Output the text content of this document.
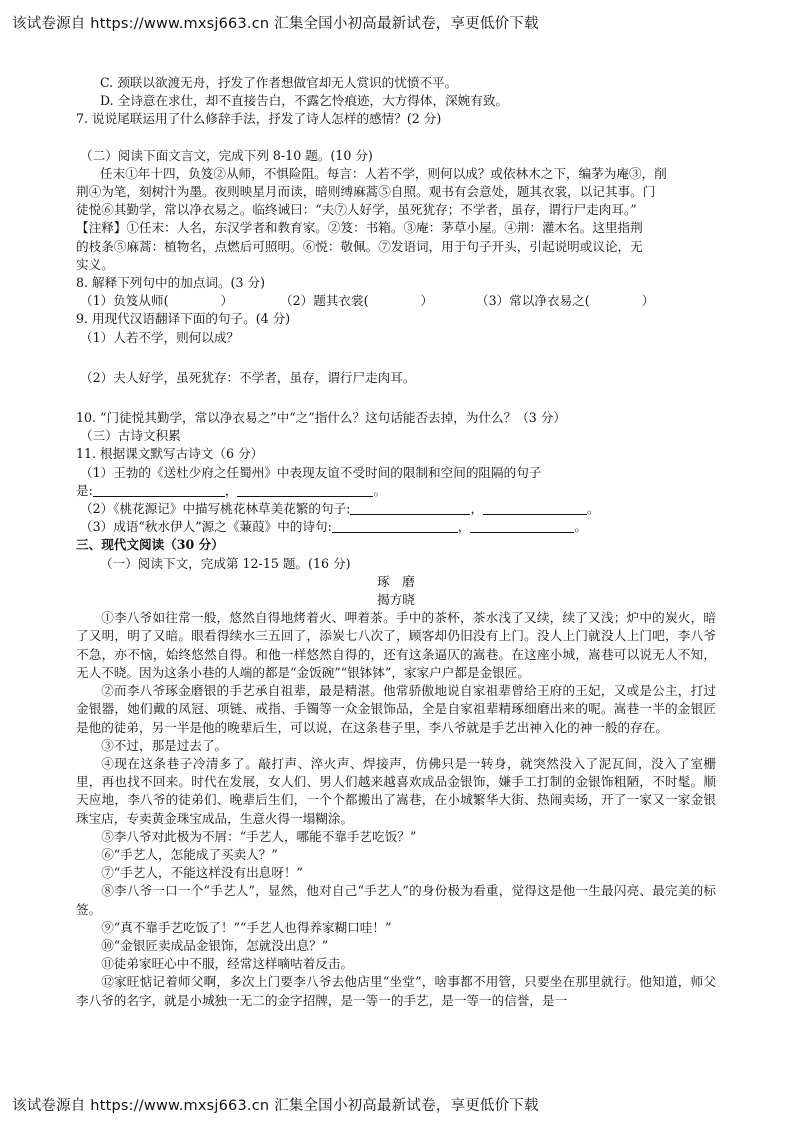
该试卷源自 https://www.mxsj663.cn 汇集全国小初高最新试卷，享更低价下载
C. 颈联以欲渡无舟，抒发了作者想做官却无人赏识的忧愤不平。
D. 全诗意在求仕，却不直接告白，不露乞怜痕迹，大方得体，深婉有致。
7. 说说尾联运用了什么修辞手法，抒发了诗人怎样的感情？(2 分)
（二）阅读下面文言文，完成下列 8-10 题。(10 分)
任末①年十四，负笈②从师，不惧险阻。每言：人若不学，则何以成？或依林木之下，编茅为庵③，削
荆④为笔，刻树汁为墨。夜则映星月而读，暗则缚麻蒿⑤自照。观书有会意处，题其衣裳，以记其事。门
徒悦⑥其勤学，常以净衣易之。临终诫曰：“夫⑦人好学，虽死犹存；不学者，虽存，谓行尸走肉耳。”
【注释】①任末：人名，东汉学者和教育家。②笈：书箱。③庵：茅草小屋。④荆：灌木名。这里指荆
的枝条⑤麻蒿：植物名，点燃后可照明。⑥悦：敬佩。⑦发语词，用于句子开头，引起说明或议论，无
实义。
8. 解释下列句中的加点词。(3 分)
（1）负笈从师(	）	（2）题其衣裳(	）	（3）常以净衣易之(	）
9. 用现代汉语翻译下面的句子。(4 分)
（1）人若不学，则何以成？
（2）夫人好学，虽死犹存：不学者，虽存，谓行尸走肉耳。
10. “门徒悦其勤学，常以净衣易之”中“之”指什么？这句话能否去掉，为什么？（3 分）
（三）古诗文积累
11. 根据课文默写古诗文（6 分）
（1）王勃的《送杜少府之任蜀州》中表现友谊不受时间的限制和空间的阻隔的句子
是:	，	。
（2）《桃花源记》中描写桃花林草美花繁的句子:	，	。
（3）成语“秋水伊人”源之《蒹葭》中的诗句:	，	。
三、现代文阅读（30 分）
（一）阅读下文，完成第 12-15 题。(16 分)
琢　磨
揭方晓
①李八爷如往常一般，悠然自得地烤着火、呷着茶。手中的茶杯，茶水浅了又续，续了又浅；炉中的炭火，暗了又明，明了又暗。眼看得续水三五回了，添炭七八次了，顾客却仍旧没有上门。没人上门就没人上门吧，李八爷不急，亦不恼，始终悠然自得。和他一样悠然自得的，还有这条逼仄的嵩巷。在这座小城，嵩巷可以说无人不知，无人不晓。因为这条小巷的人端的都是“金饭碗”“银钵钵”，家家户户都是金银匠。
②而李八爷琢金磨银的手艺承自祖辈，最是精湛。他常骄傲地说自家祖辈曾给王府的王妃，又或是公主，打过金银器，她们戴的凤冠、项链、戒指、手镯等一众金银饰品，全是自家祖辈精琢细磨出来的呢。嵩巷一半的金银匠是他的徒弟，另一半是他的晚辈后生，可以说，在这条巷子里，李八爷就是手艺出神入化的神一般的存在。
③不过，那是过去了。
④现在这条巷子冷清多了。敲打声、淬火声、焊接声，仿佛只是一转身，就突然没入了泥瓦间，没入了室栅里，再也找不回来。时代在发展，女人们、男人们越来越喜欢成品金银饰，嫌手工打制的金银饰粗陋，不时髦。顺天应地，李八爷的徒弟们、晚辈后生们，一个个都搬出了嵩巷，在小城繁华大街、热闹卖场，开了一家又一家金银珠宝店，专卖黄金珠宝成品，生意火得一塌糊涂。
⑤李八爷对此极为不屑：“手艺人，哪能不靠手艺吃饭？”
⑥“手艺人，怎能成了买卖人？”
⑦“手艺人，不能这样没有出息呀！”
⑧李八爷一口一个“手艺人”，显然，他对自己“手艺人”的身份极为看重，觉得这是他一生最闪亮、最完美的标签。
⑨“真不靠手艺吃饭了！”“手艺人也得养家糊口哇！”
⑩“金银匠卖成品金银饰，怎就没出息？”
⑪徒弟家旺心中不服，经常这样嘀咕着反击。
⑫家旺惦记着师父啊，多次上门要李八爷去他店里“坐堂”，啥事都不用管，只要坐在那里就行。他知道，师父李八爷的名字，就是小城独一无二的金字招牌，是一等一的手艺，是一等一的信誉，是一
该试卷源自 https://www.mxsj663.cn 汇集全国小初高最新试卷，享更低价下载
